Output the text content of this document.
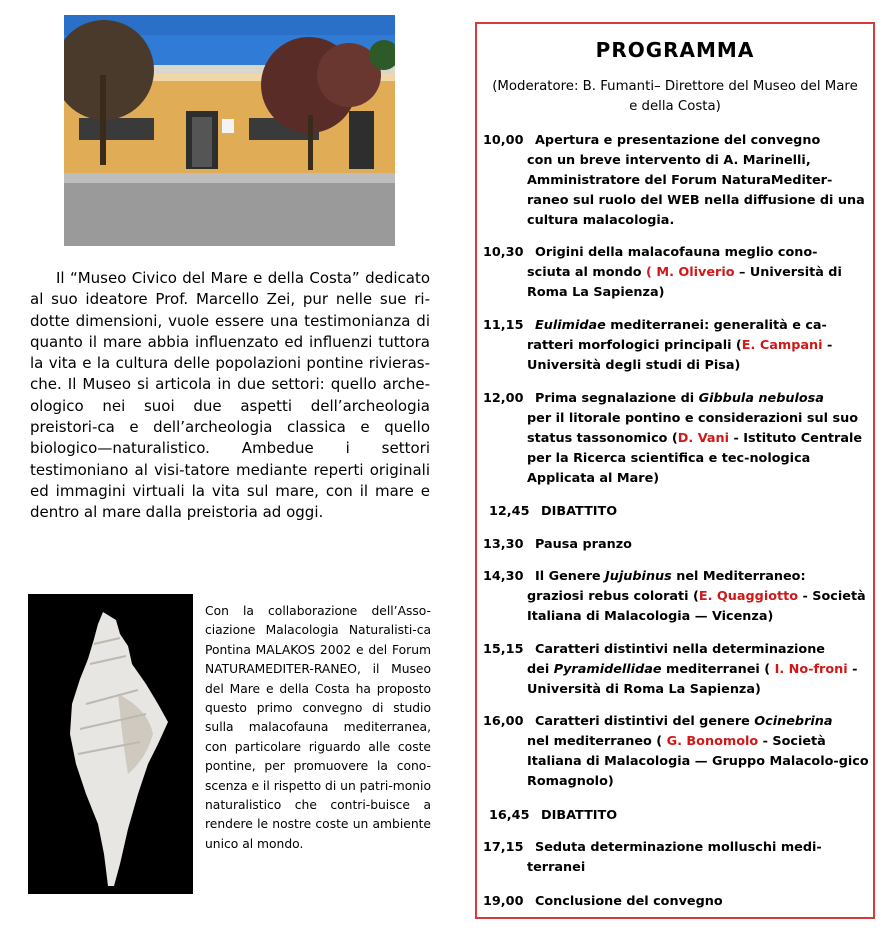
Il “Museo Civico del Mare e della Costa” dedicato al suo ideatore Prof. Marcello Zei, pur nelle sue ri-dotte dimensioni, vuole essere una testimonianza di quanto il mare abbia influenzato ed influenzi tuttora la vita e la cultura delle popolazioni pontine rivieras-che. Il Museo si articola in due settori: quello arche-ologico nei suoi due aspetti dell’archeologia preistori-ca e dell’archeologia classica e quello biologico—naturalistico. Ambedue i settori testimoniano al visi-tatore mediante reperti originali ed immagini virtuali la vita sul mare, con il mare e dentro al mare dalla preistoria ad oggi.

Con la collaborazione dell’Asso-ciazione Malacologia Naturalisti-ca Pontina MALAKOS 2002 e del Forum NATURAMEDITER-RANEO, il Museo del Mare e della Costa ha proposto questo primo convegno di studio sulla malacofauna mediterranea, con particolare riguardo alle coste pontine, per promuovere la cono-scenza e il rispetto di un patri-monio naturalistico che contri-buisce a rendere le nostre coste un ambiente unico al mondo.
PROGRAMMA
(Moderatore: B. Fumanti– Direttore del Museo del Mare e della Costa)
10,00 Apertura e presentazione del convegno
con un breve intervento di A. Marinelli, Amministratore del Forum NaturaMediter-raneo sul ruolo del WEB nella diffusione di una cultura malacologia.
10,30 Origini della malacofauna meglio cono-
sciuta al mondo ( M. Oliverio – Università di Roma La Sapienza)
11,15 Eulimidae mediterranei: generalità e ca-
ratteri morfologici principali (E. Campani - Università degli studi di Pisa)
12,00 Prima segnalazione di Gibbula nebulosa
per il litorale pontino e considerazioni sul suo status tassonomico (D. Vani - Istituto Centrale per la Ricerca scientifica e tec-nologica Applicata al Mare)
12,45 DIBATTITO
13,30 Pausa pranzo
14,30 Il Genere Jujubinus nel Mediterraneo:
graziosi rebus colorati (E. Quaggiotto - Società Italiana di Malacologia — Vicenza)
15,15 Caratteri distintivi nella determinazione
dei Pyramidellidae mediterranei ( I. No-froni - Università di Roma La Sapienza)
16,00 Caratteri distintivi del genere Ocinebrina
nel mediterraneo ( G. Bonomolo - Società Italiana di Malacologia — Gruppo Malacolo-gico Romagnolo)
16,45 DIBATTITO
17,15 Seduta determinazione molluschi medi-
terranei
19,00 Conclusione del convegno
